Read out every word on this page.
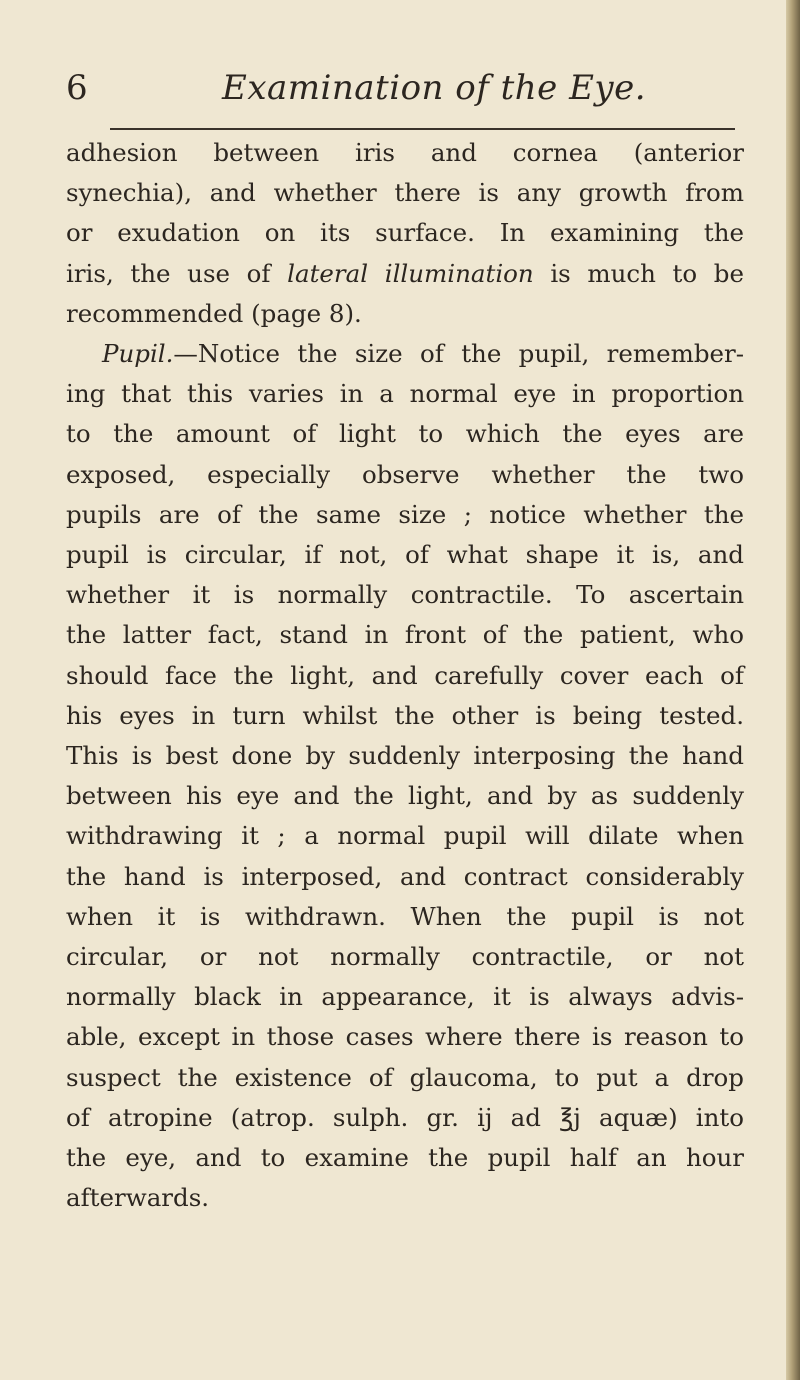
6	Examination of the Eye.
adhesion between iris and cornea (anterior
synechia), and whether there is any growth from
or exudation on its surface. In examining the
iris, the use of lateral illumination is much to be
recommended (page 8).
Pupil.—Notice the size of the pupil, remember-
ing that this varies in a normal eye in proportion
to the amount of light to which the eyes are
exposed, especially observe whether the two
pupils are of the same size ; notice whether the
pupil is circular, if not, of what shape it is, and
whether it is normally contractile. To ascertain
the latter fact, stand in front of the patient, who
should face the light, and carefully cover each of
his eyes in turn whilst the other is being tested.
This is best done by suddenly interposing the hand
between his eye and the light, and by as suddenly
withdrawing it ; a normal pupil will dilate when
the hand is interposed, and contract considerably
when it is withdrawn. When the pupil is not
circular, or not normally contractile, or not
normally black in appearance, it is always advis-
able, except in those cases where there is reason to
suspect the existence of glaucoma, to put a drop
of atropine (atrop. sulph. gr. ij ad ℥j aquæ) into
the eye, and to examine the pupil half an hour
afterwards.
